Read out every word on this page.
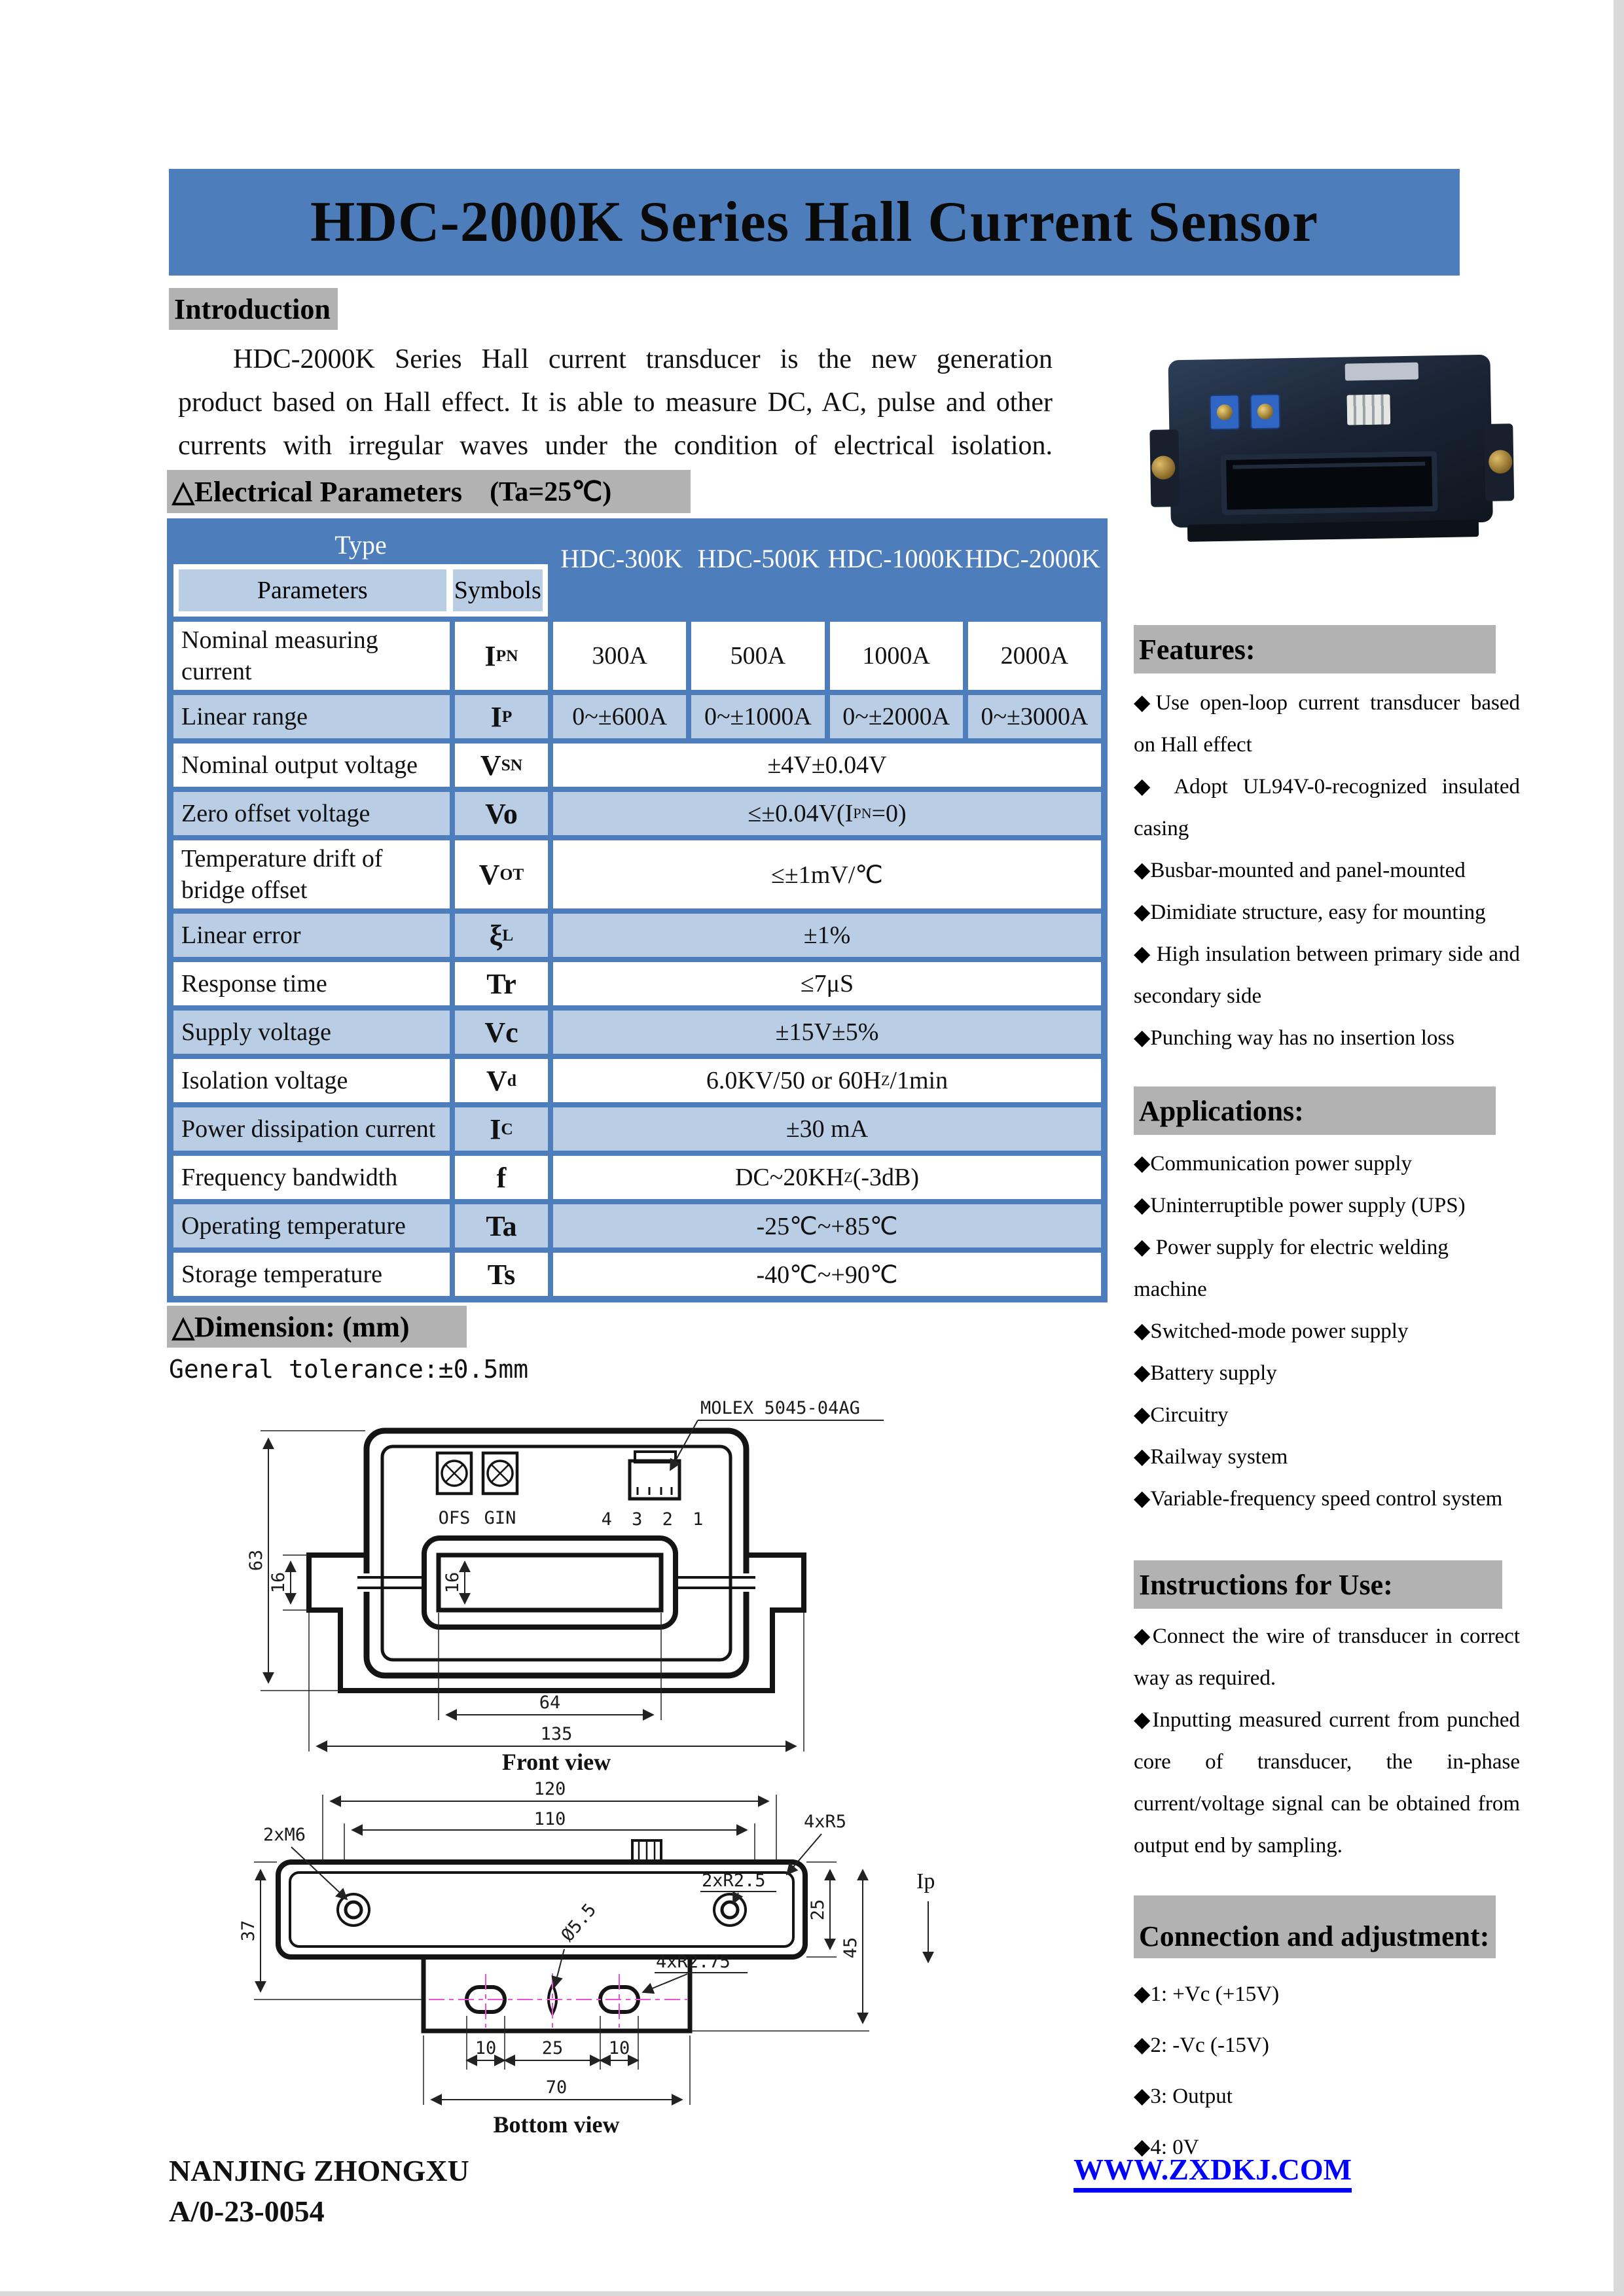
HDC-2000K Series Hall Current Sensor
Introduction
HDC-2000K Series Hall current transducer is the new generation
product based on Hall effect. It is able to measure DC, AC, pulse and other
currents with irregular waves under the condition of electrical isolation.
△Electrical Parameters (Ta=25℃)
Type
Parameters	Symbols
HDC-300K HDC-500K HDC-1000K HDC-2000K
Nominal measuring current	I PN	300A	500A	1000A	2000A
Linear range	I P	0~±600A	0~±1000A	0~±2000A	0~±3000A
Nominal output voltage	V SN	±4V±0.04V
Zero offset voltage	Vo	≤±0.04V(I PN =0)
Temperature drift of bridge offset	V OT	≤±1mV/℃
Linear error	ξ L	±1%
Response time	Tr	≤7μS
Supply voltage	Vc	±15V±5%
Isolation voltage	V d	6.0KV/50 or 60H Z /1min
Power dissipation current	I C	±30 mA
Frequency bandwidth	f	DC~20KH Z (-3dB)
Operating temperature	Ta	-25℃~+85℃
Storage temperature	Ts	-40℃~+90℃
△Dimension: (mm)
General tolerance:±0.5mm
OFS GIN	4 3 2 1
MOLEX 5045-04AG
63
16	16
64
135
Front view
120
110
2xM6
4xR5
2xR2.5
Ø5.5
4xR2.75
25
45
37
10	25	10
70
Ip
Bottom view
Features:
◆Use open-loop current transducer based on Hall effect
◆ Adopt UL94V-0-recognized insulated casing
◆Busbar-mounted and panel-mounted
◆Dimidiate structure, easy for mounting
◆ High insulation between primary side and secondary side
◆Punching way has no insertion loss
Applications:
◆Communication power supply
◆Uninterruptible power supply (UPS)
◆ Power supply for electric welding machine
◆Switched-mode power supply
◆Battery supply
◆Circuitry
◆Railway system
◆Variable-frequency speed control system
Instructions for Use:
◆Connect the wire of transducer in correct way as required.
◆Inputting measured current from punched core of transducer, the in-phase current/voltage signal can be obtained from output end by sampling.
Connection and adjustment:
◆1: +Vc (+15V)
◆2: -Vc (-15V)
◆3: Output
◆4: 0V
NANJING ZHONGXU
A/0-23-0054
WWW.ZXDKJ.COM
